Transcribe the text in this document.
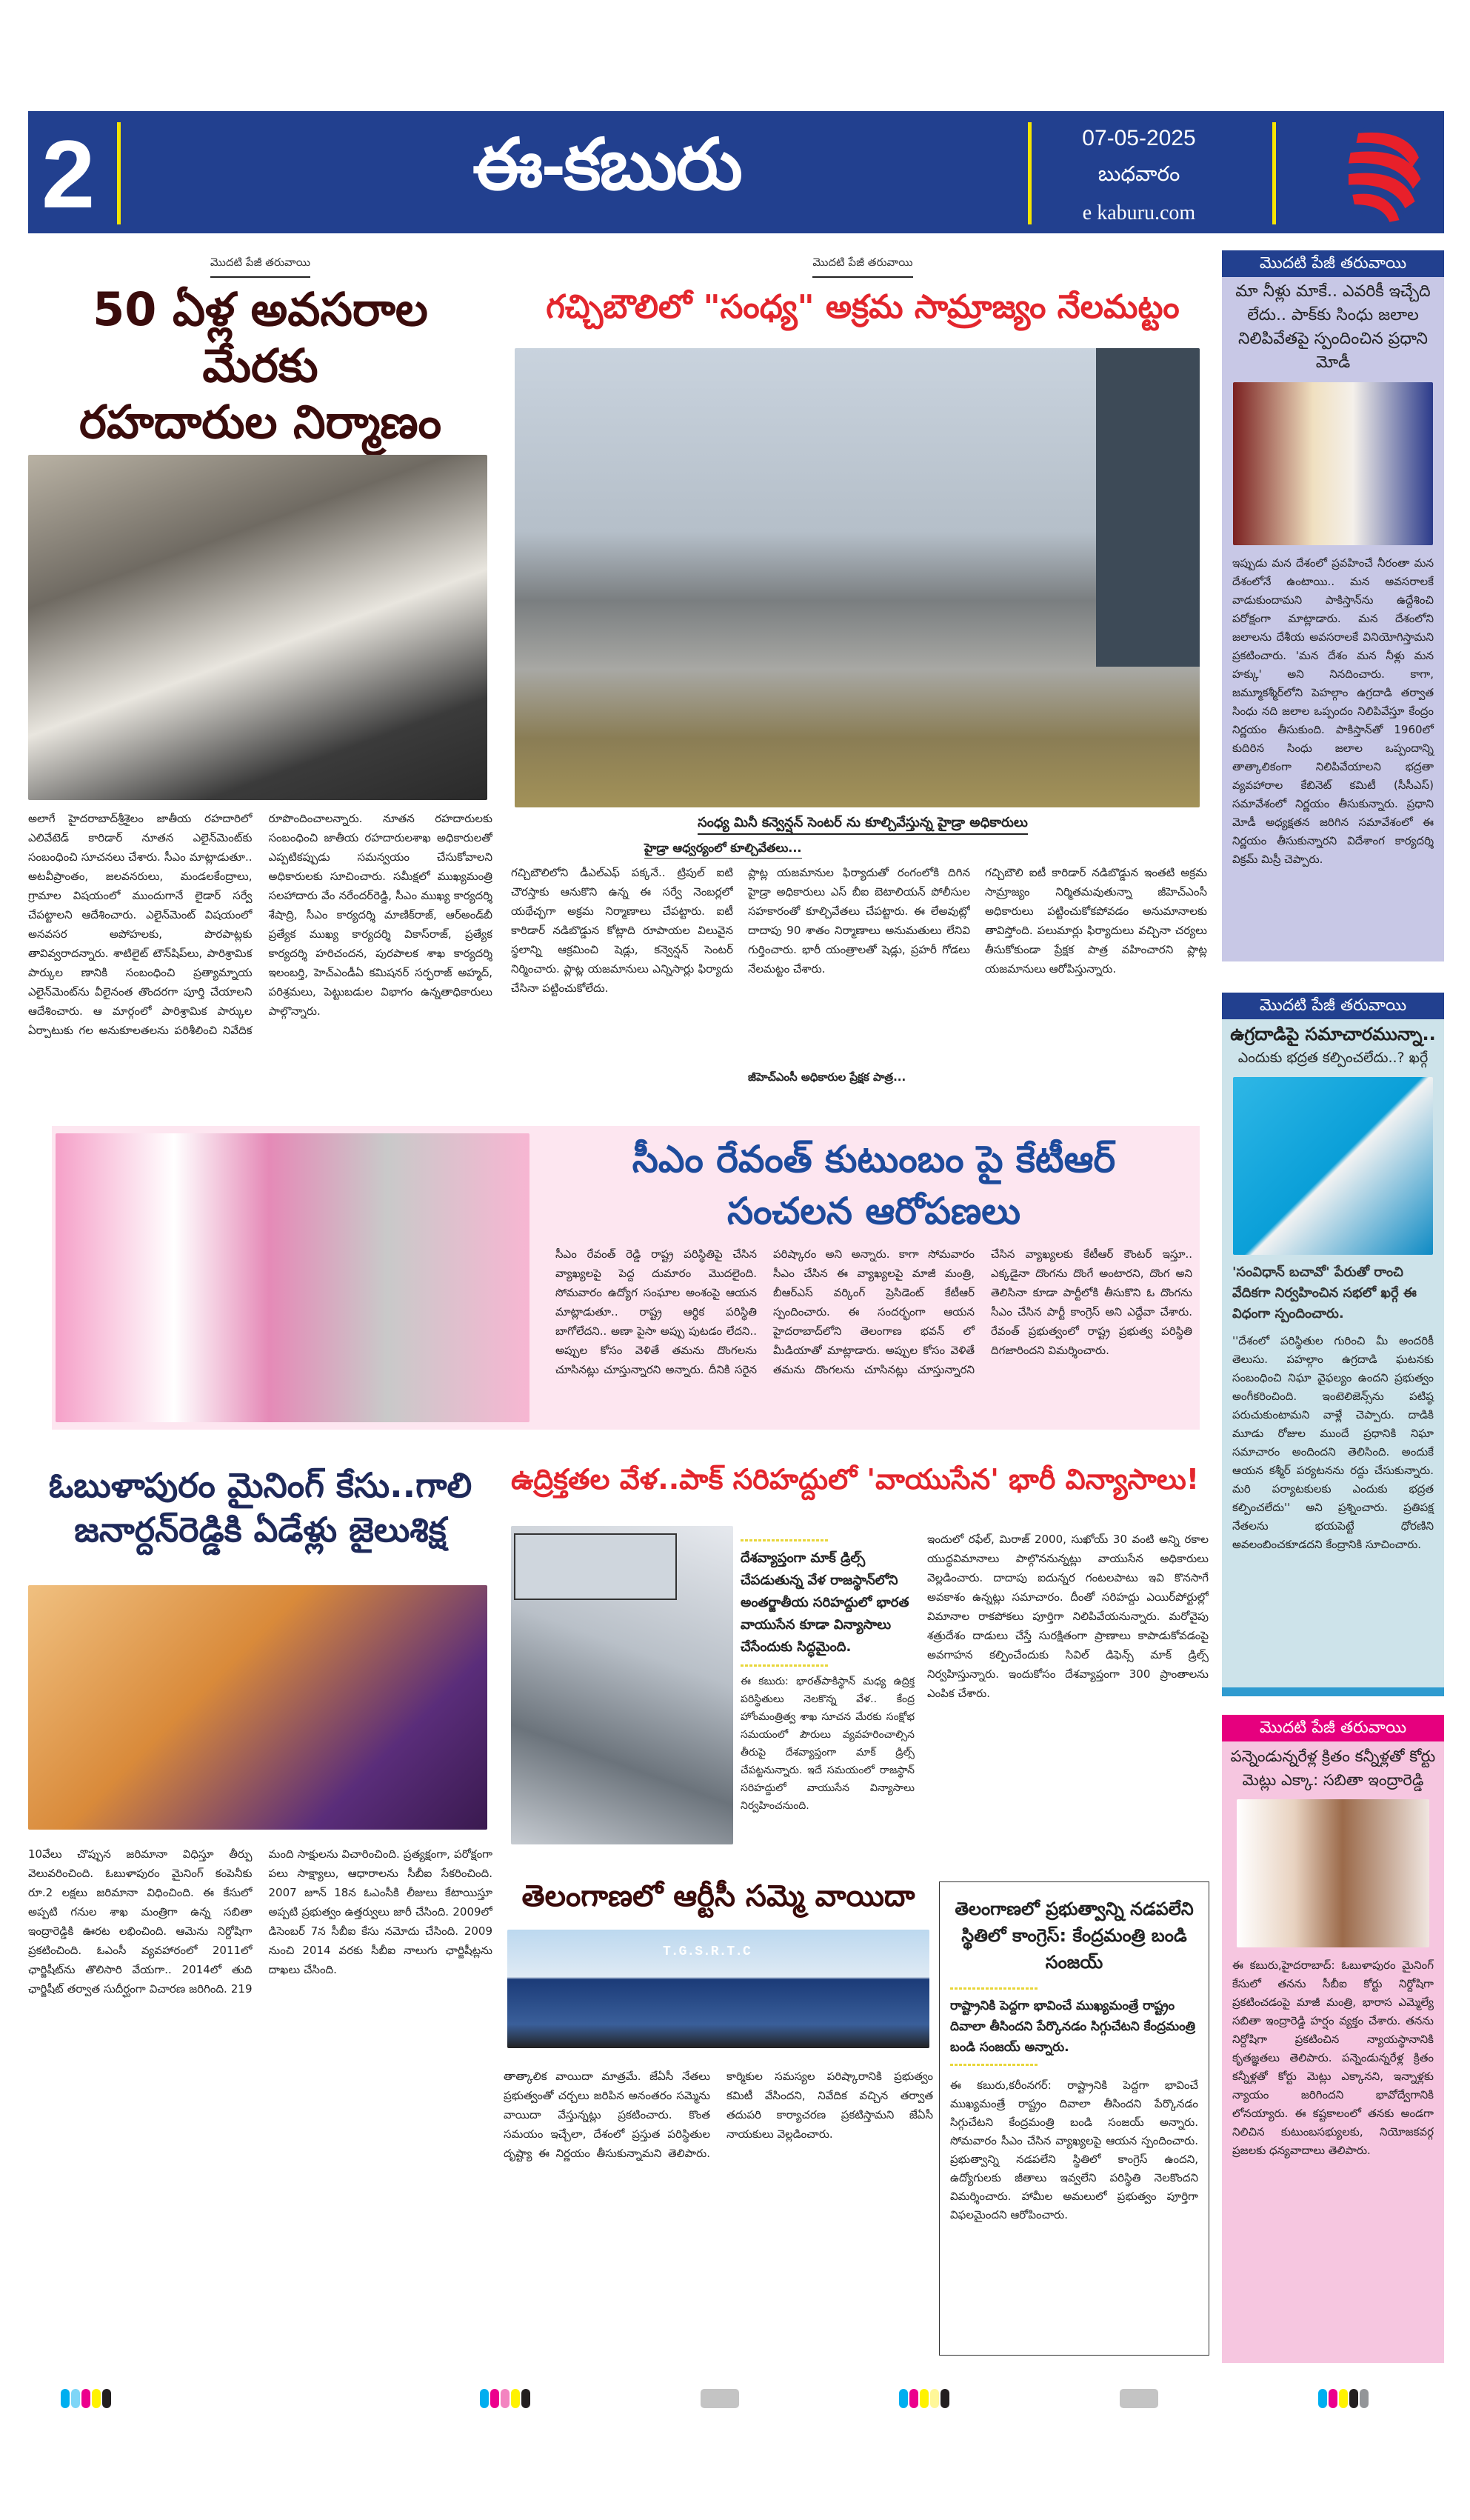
2	ఈ-కబురు	07-05-2025
బుధవారం
e kaburu.com
మొదటి పేజీ తరువాయి
50 ఏళ్ల అవసరాల మేరకు
రహదారుల నిర్మాణం
అలాగే హైదరాబాద్‌శ్రీశైలం జాతీయ రహదారిలో ఎలివేటెడ్ కారిడార్ నూతన ఎలైన్‌మెంట్‌కు సంబంధించి సూచనలు చేశారు. సీఎం మాట్లాడుతూ.. అటవీప్రాంతం, జలవనరులు, మండలకేంద్రాలు, గ్రామాల విషయంలో ముందుగానే లైడార్ సర్వే చేపట్టాలని ఆదేశించారు. ఎలైన్‌మెంట్ విషయంలో అనవసర అపోహలకు, పొరపాట్లకు తావివ్వరాదన్నారు. శాటిలైట్ టౌన్‌షిప్‌లు, పారిశ్రామిక పార్కుల ణానికి సంబంధించి ప్రత్యామ్నాయ ఎలైన్‌మెంట్‌ను వీలైనంత తొందరగా పూర్తి చేయాలని ఆదేశించారు. ఆ మార్గంలో పారిశ్రామిక పార్కుల ఏర్పాటుకు గల అనుకూలతలను పరిశీలించి నివేదిక రూపొందించాలన్నారు. నూతన రహదారులకు సంబంధించి జాతీయ రహదారులశాఖ అధికారులతో ఎప్పటికప్పుడు సమన్వయం చేసుకోవాలని అధికారులకు సూచించారు. సమీక్షలో ముఖ్యమంత్రి సలహాదారు వేం నరేందర్‌రెడ్డి, సీఎం ముఖ్య కార్యదర్శి శేషాద్రి, సీఎం కార్యదర్శి మాణిక్‌రాజ్, ఆర్‌అండ్‌బీ ప్రత్యేక ముఖ్య కార్యదర్శి వికాస్‌రాజ్, ప్రత్యేక కార్యదర్శి హరిచందన, పురపాలక శాఖ కార్యదర్శి ఇలంబర్తి, హెచ్ఎండీఏ కమిషనర్ సర్ఫరాజ్ అహ్మద్, పరిశ్రమలు, పెట్టుబడుల విభాగం ఉన్నతాధికారులు పాల్గొన్నారు.
మొదటి పేజీ తరువాయి
గచ్చిబౌలిలో "సంధ్య" అక్రమ సామ్రాజ్యం నేలమట్టం
సంధ్య మినీ కన్వెన్షన్ సెంటర్ ను కూల్చివేస్తున్న హైడ్రా అధికారులు
హైడ్రా ఆధ్వర్యంలో కూల్చివేతలు...
గచ్చిబౌలిలోని డీఎల్ఎఫ్ పక్కనే.. ట్రిపుల్ ఐటి చౌరస్తాకు ఆనుకొని ఉన్న ఈ సర్వే నెంబర్లలో యథేచ్ఛగా అక్రమ నిర్మాణాలు చేపట్టారు. ఐటీ కారిడార్ నడిబొడ్డున కోట్లాది రూపాయల విలువైన స్థలాన్ని ఆక్రమించి షెడ్లు, కన్వెన్షన్ సెంటర్ నిర్మించారు. ప్లాట్ల యజమానులు ఎన్నిసార్లు ఫిర్యాదు చేసినా పట్టించుకోలేదు.
ప్లాట్ల యజమానుల ఫిర్యాదుతో రంగంలోకి దిగిన హైడ్రా అధికారులు ఎస్ బీఐ బెటాలియన్ పోలీసుల సహకారంతో కూల్చివేతలు చేపట్టారు. ఈ లేఅవుట్లో దాదాపు 90 శాతం నిర్మాణాలు అనుమతులు లేనివి గుర్తించారు. భారీ యంత్రాలతో షెడ్లు, ప్రహరీ గోడలు నేలమట్టం చేశారు.
జీహెచ్ఎంసీ అధికారుల ప్రేక్షక పాత్ర...
గచ్చిబౌలి ఐటీ కారిడార్ నడిబొడ్డున ఇంతటి అక్రమ సామ్రాజ్యం నిర్మితమవుతున్నా జీహెచ్ఎంసీ అధికారులు పట్టించుకోకపోవడం అనుమానాలకు తావిస్తోంది. పలుమార్లు ఫిర్యాదులు వచ్చినా చర్యలు తీసుకోకుండా ప్రేక్షక పాత్ర వహించారని ప్లాట్ల యజమానులు ఆరోపిస్తున్నారు.
సీఎం రేవంత్ కుటుంబం పై కేటీఆర్
సంచలన ఆరోపణలు
సీఎం రేవంత్ రెడ్డి రాష్ట్ర పరిస్థితిపై చేసిన వ్యాఖ్యలపై పెద్ద దుమారం మొదలైంది. సోమవారం ఉద్యోగ సంఘాల అంశంపై ఆయన మాట్లాడుతూ.. రాష్ట్ర ఆర్థిక పరిస్థితి బాగోలేదని.. అణా పైసా అప్పు పుటడం లేదని.. అప్పుల కోసం వెళితే తమను దొంగలను చూసినట్లు చూస్తున్నారని అన్నారు. దీనికి సరైన పరిష్కారం అని అన్నారు. కాగా సోమవారం సీఎం చేసిన ఈ వ్యాఖ్యలపై మాజీ మంత్రి, బీఆర్ఎస్ వర్కింగ్ ప్రెసిడెంట్ కేటీఆర్ స్పందించారు. ఈ సందర్భంగా ఆయన హైదరాబాద్‌లోని తెలంగాణ భవన్ లో మీడియాతో మాట్లాడారు. అప్పుల కోసం వెళితే తమను దొంగలను చూసినట్లు చూస్తున్నారని చేసిన వ్యాఖ్యలకు కేటీఆర్ కౌంటర్ ఇస్తూ.. ఎక్కడైనా దొంగను దొంగే అంటారని, దొంగ అని తెలిసినా కూడా పార్టీలోకి తీసుకొని ఓ దొంగను సీఎం చేసిన పార్టీ కాంగ్రెస్ అని ఎద్దేవా చేశారు. రేవంత్ ప్రభుత్వంలో రాష్ట్ర ప్రభుత్వ పరిస్థితి దిగజారిందని విమర్శించారు.
ఓబుళాపురం మైనింగ్ కేసు..గాలి
జనార్దన్‌రెడ్డికి ఏడేళ్లు జైలుశిక్ష
10వేలు చొప్పున జరిమానా విధిస్తూ తీర్పు వెలువరించింది. ఓబుళాపురం మైనింగ్ కంపెనీకు రూ.2 లక్షలు జరిమానా విధించింది. ఈ కేసులో అప్పటి గనుల శాఖ మంత్రిగా ఉన్న సబితా ఇంద్రారెడ్డికి ఊరట లభించింది. ఆమెను నిర్దోషిగా ప్రకటించింది. ఓఎంసీ వ్యవహారంలో 2011లో ఛార్జిషీట్‌ను తొలిసారి వేయగా.. 2014లో తుది ఛార్జిషీట్ తర్వాత సుదీర్ఘంగా విచారణ జరిగింది. 219 మంది సాక్షులను విచారించింది. ప్రత్యక్షంగా, పరోక్షంగా పలు సాక్ష్యాలు, ఆధారాలను సీబీఐ సేకరించింది. 2007 జూన్ 18న ఓఎంసీకి లీజులు కేటాయిస్తూ అప్పటి ప్రభుత్వం ఉత్తర్వులు జారీ చేసింది. 2009లో డిసెంబర్ 7న సీబీఐ కేసు నమోదు చేసింది. 2009 నుంచి 2014 వరకు సీబీఐ నాలుగు ఛార్జిషీట్లను దాఖలు చేసింది.
ఉద్రిక్తతల వేళ..పాక్ సరిహద్దులో 'వాయుసేన' భారీ విన్యాసాలు!
దేశవ్యాప్తంగా మాక్ డ్రిల్స్ చేపడుతున్న వేళ రాజస్థాన్‌లోని అంతర్జాతీయ సరిహద్దులో భారత వాయుసేన కూడా విన్యాసాలు చేసేందుకు సిద్ధమైంది.
ఈ కబురు: భారత్‌పాకిస్థాన్ మధ్య ఉద్రిక్త పరిస్థితులు నెలకొన్న వేళ.. కేంద్ర హోంమంత్రిత్వ శాఖ సూచన మేరకు సంక్షోభ సమయంలో పౌరులు వ్యవహరించాల్సిన తీరుపై దేశవ్యాప్తంగా మాక్ డ్రిల్స్ చేపట్టనున్నారు. ఇదే సమయంలో రాజస్థాన్ సరిహద్దులో వాయుసేన విన్యాసాలు నిర్వహించనుంది.
ఇందులో రఫేల్, మిరాజ్ 2000, సుఖోయ్ 30 వంటి అన్ని రకాల యుద్ధవిమానాలు పాల్గొననున్నట్లు వాయుసేన అధికారులు వెల్లడించారు. దాదాపు ఐదున్నర గంటలపాటు ఇవి కొనసాగే అవకాశం ఉన్నట్లు సమాచారం. దీంతో సరిహద్దు ఎయిర్‌పోర్టుల్లో విమానాల రాకపోకలు పూర్తిగా నిలిపివేయనున్నారు. మరోవైపు శత్రుదేశం దాడులు చేస్తే సురక్షితంగా ప్రాణాలు కాపాడుకోవడంపై అవగాహన కల్పించేందుకు సివిల్ డిఫెన్స్ మాక్ డ్రిల్స్ నిర్వహిస్తున్నారు. ఇందుకోసం దేశవ్యాప్తంగా 300 ప్రాంతాలను ఎంపిక చేశారు.
తెలంగాణలో ఆర్టీసీ సమ్మె వాయిదా
T.G.S.R.T.C
తాత్కాలిక వాయిదా మాత్రమే. జేఏసీ నేతలు ప్రభుత్వంతో చర్చలు జరిపిన అనంతరం సమ్మెను వాయిదా వేస్తున్నట్లు ప్రకటించారు. కొంత సమయం ఇచ్చేలా, దేశంలో ప్రస్తుత పరిస్థితుల దృష్ట్యా ఈ నిర్ణయం తీసుకున్నామని తెలిపారు. కార్మికుల సమస్యల పరిష్కారానికి ప్రభుత్వం కమిటీ వేసిందని, నివేదిక వచ్చిన తర్వాత తదుపరి కార్యాచరణ ప్రకటిస్తామని జేఏసీ నాయకులు వెల్లడించారు.
తెలంగాణలో ప్రభుత్వాన్ని నడపలేని స్థితిలో కాంగ్రెస్: కేంద్రమంత్రి బండి సంజయ్
రాష్ట్రానికి పెద్దగా భావించే ముఖ్యమంత్రే రాష్ట్రం దివాలా తీసిందని పేర్కొనడం సిగ్గుచేటని కేంద్రమంత్రి బండి సంజయ్ అన్నారు.
ఈ కబురు,కరీంనగర్: రాష్ట్రానికి పెద్దగా భావించే ముఖ్యమంత్రే రాష్ట్రం దివాలా తీసిందని పేర్కొనడం సిగ్గుచేటని కేంద్రమంత్రి బండి సంజయ్ అన్నారు. సోమవారం సీఎం చేసిన వ్యాఖ్యలపై ఆయన స్పందించారు. ప్రభుత్వాన్ని నడపలేని స్థితిలో కాంగ్రెస్ ఉందని, ఉద్యోగులకు జీతాలు ఇవ్వలేని పరిస్థితి నెలకొందని విమర్శించారు. హామీల అమలులో ప్రభుత్వం పూర్తిగా విఫలమైందని ఆరోపించారు.
మొదటి పేజీ తరువాయి
మా నీళ్లు మాకే.. ఎవరికీ ఇచ్చేది లేదు.. పాక్‌కు సింధు జలాల నిలిపివేతపై స్పందించిన ప్రధాని మోడీ
ఇప్పుడు మన దేశంలో ప్రవహించే నీరంతా మన దేశంలోనే ఉంటాయి.. మన అవసరాలకే వాడుకుందామని పాకిస్తాన్‌ను ఉద్దేశించి పరోక్షంగా మాట్లాడారు. మన దేశంలోని జలాలను దేశీయ అవసరాలకే వినియోగిస్తామని ప్రకటించారు. 'మన దేశం మన నీళ్లు మన హక్కు' అని నినదించారు. కాగా, జమ్మూకశ్మీర్‌లోని పెహల్గాం ఉగ్రదాడి తర్వాత సింధు నది జలాల ఒప్పందం నిలిపివేస్తూ కేంద్రం నిర్ణయం తీసుకుంది. పాకిస్తాన్‌తో 1960లో కుదిరిన సింధు జలాల ఒప్పందాన్ని తాత్కాలికంగా నిలిపివేయాలని భద్రతా వ్యవహారాల కేబినెట్ కమిటీ (సీసీఎస్) సమావేశంలో నిర్ణయం తీసుకున్నారు. ప్రధాని మోడీ అధ్యక్షతన జరిగిన సమావేశంలో ఈ నిర్ణయం తీసుకున్నారని విదేశాంగ కార్యదర్శి విక్రమ్ మిస్రీ చెప్పారు.
మొదటి పేజీ తరువాయి
ఉగ్రదాడిపై సమాచారమున్నా..
ఎందుకు భద్రత కల్పించలేదు..? ఖర్గే
'సంవిధాన్ బచావో' పేరుతో రాంచి వేదికగా నిర్వహించిన సభలో ఖర్గే ఈ విధంగా స్పందించారు.
''దేశంలో పరిస్థితుల గురించి మీ అందరికీ తెలుసు. పహల్గాం ఉగ్రదాడి ఘటనకు సంబంధించి నిఘా వైఫల్యం ఉందని ప్రభుత్వం అంగీకరించింది. ఇంటెలిజెన్స్‌ను పటిష్ఠ పరుచుకుంటామని వాళ్లే చెప్పారు. దాడికి మూడు రోజుల ముందే ప్రధానికి నిఘా సమాచారం అందిందని తెలిసింది. అందుకే ఆయన కశ్మీర్ పర్యటనను రద్దు చేసుకున్నారు. మరి పర్యాటకులకు ఎందుకు భద్రత కల్పించలేదు'' అని ప్రశ్నించారు. ప్రతిపక్ష నేతలను భయపెట్టే ధోరణిని అవలంబించకూడదని కేంద్రానికి సూచించారు.
మొదటి పేజీ తరువాయి
పన్నెండున్నరేళ్ల క్రితం కన్నీళ్లతో కోర్టు మెట్లు ఎక్కా: సబితా ఇంద్రారెడ్డి
ఈ కబురు,హైదరాబాద్: ఓబుళాపురం మైనింగ్ కేసులో తనను సీబీఐ కోర్టు నిర్దోషిగా ప్రకటించడంపై మాజీ మంత్రి, భారాస ఎమ్మెల్యే సబితా ఇంద్రారెడ్డి హర్షం వ్యక్తం చేశారు. తనను నిర్దోషిగా ప్రకటించిన న్యాయస్థానానికి కృతజ్ఞతలు తెలిపారు. పన్నెండున్నరేళ్ల క్రితం కన్నీళ్లతో కోర్టు మెట్లు ఎక్కానని, ఇన్నాళ్లకు న్యాయం జరిగిందని భావోద్వేగానికి లోనయ్యారు. ఈ కష్టకాలంలో తనకు అండగా నిలిచిన కుటుంబసభ్యులకు, నియోజకవర్గ ప్రజలకు ధన్యవాదాలు తెలిపారు.
